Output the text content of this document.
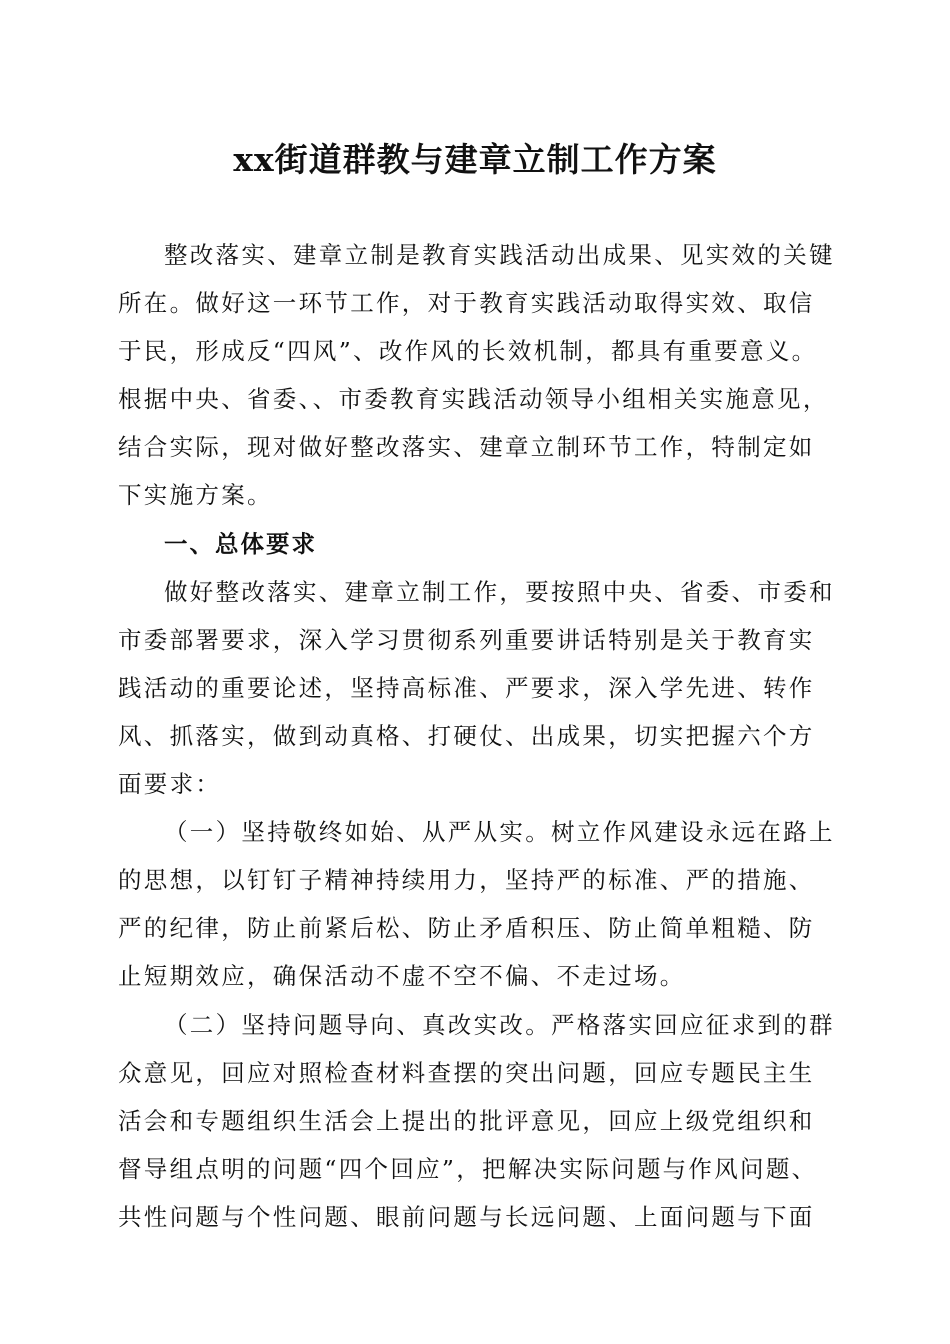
xx街道群教与建章立制工作方案
整改落实、建章立制是教育实践活动出成果、见实效的关键
所在。做好这一环节工作，对于教育实践活动取得实效、取信
于民，形成反“四风”、改作风的长效机制，都具有重要意义。
根据中央、省委、、市委教育实践活动领导小组相关实施意见，
结合实际，现对做好整改落实、建章立制环节工作，特制定如
下实施方案。
一、总体要求
做好整改落实、建章立制工作，要按照中央、省委、市委和
市委部署要求，深入学习贯彻系列重要讲话特别是关于教育实
践活动的重要论述，坚持高标准、严要求，深入学先进、转作
风、抓落实，做到动真格、打硬仗、出成果，切实把握六个方
面要求：
（一）坚持敬终如始、从严从实。树立作风建设永远在路上
的思想，以钉钉子精神持续用力，坚持严的标准、严的措施、
严的纪律，防止前紧后松、防止矛盾积压、防止简单粗糙、防
止短期效应，确保活动不虚不空不偏、不走过场。
（二）坚持问题导向、真改实改。严格落实回应征求到的群
众意见，回应对照检查材料查摆的突出问题，回应专题民主生
活会和专题组织生活会上提出的批评意见，回应上级党组织和
督导组点明的问题“四个回应”，把解决实际问题与作风问题、
共性问题与个性问题、眼前问题与长远问题、上面问题与下面
